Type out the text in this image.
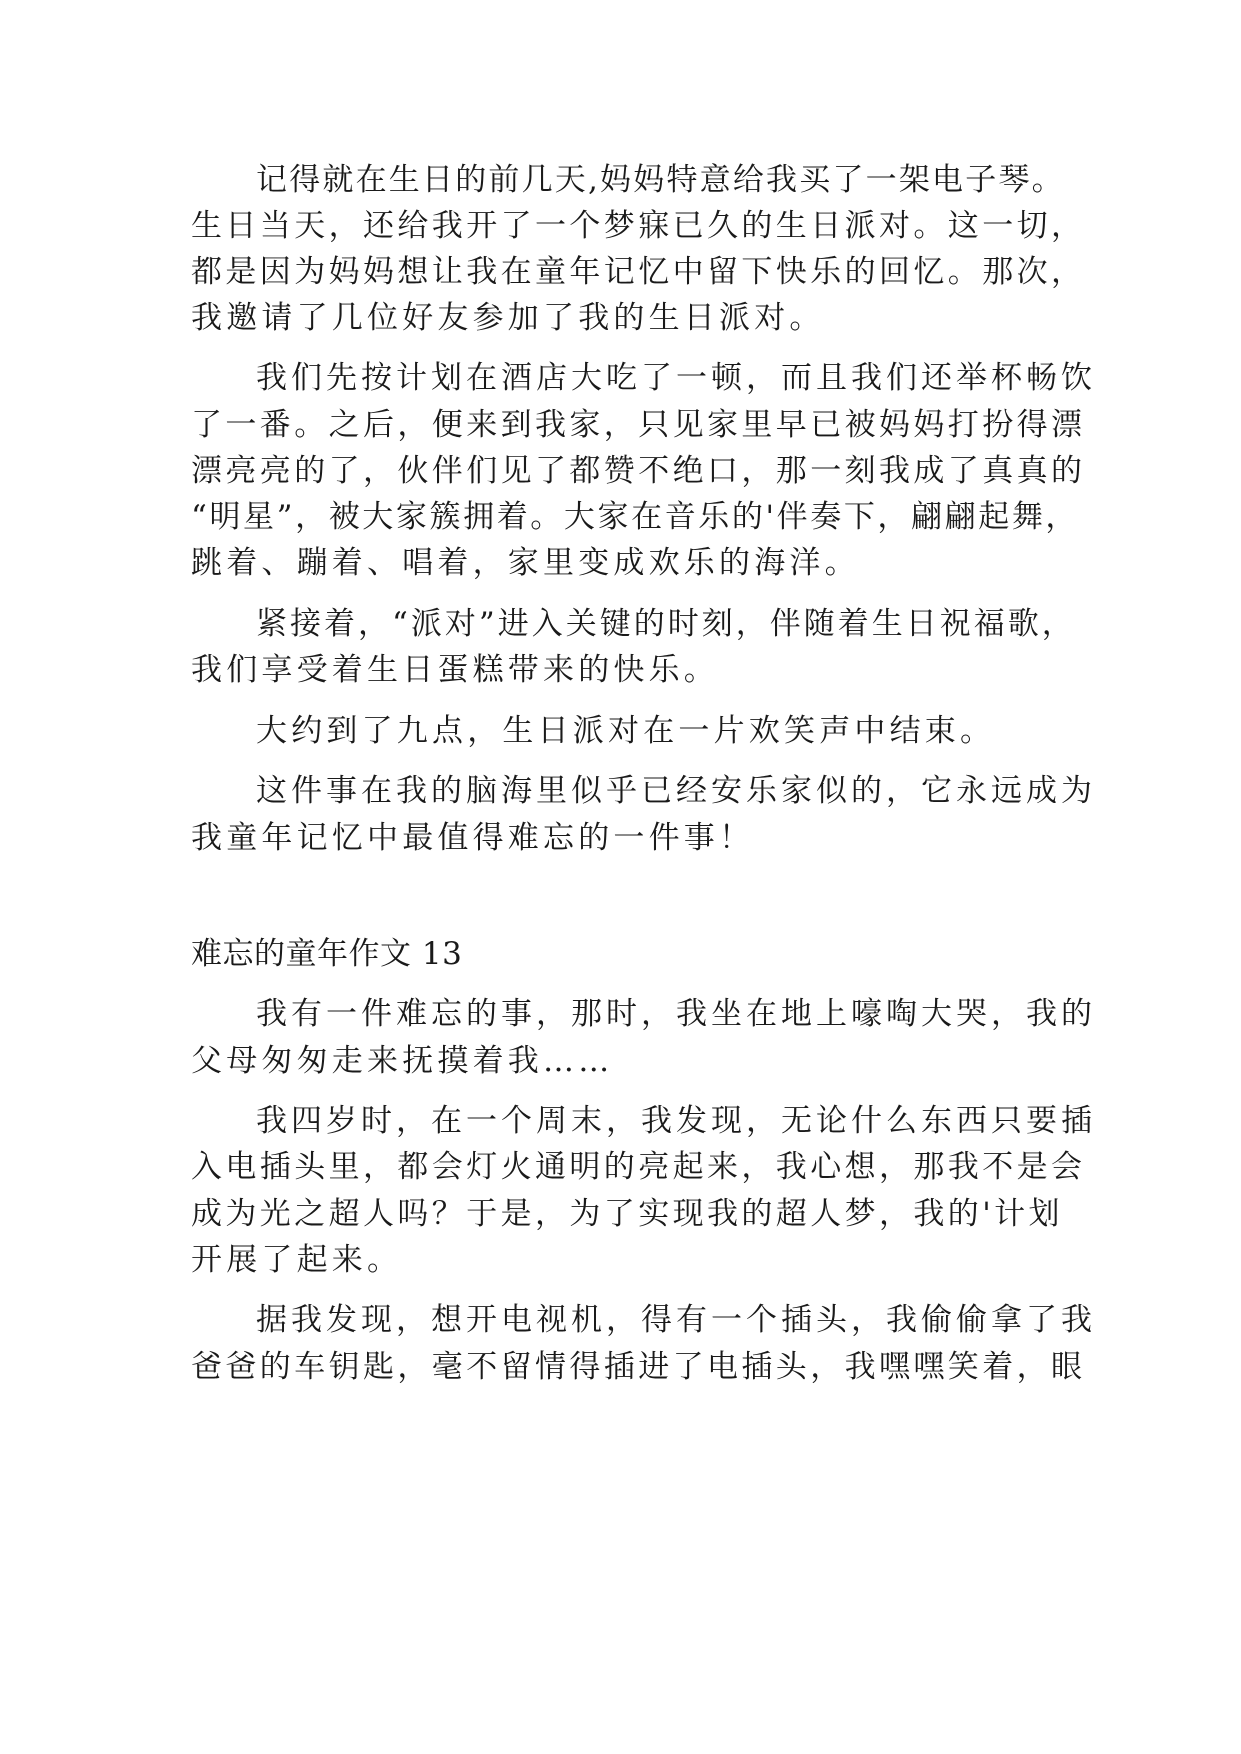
记得就在生日的前几天,妈妈特意给我买了一架电子琴。
生日当天，还给我开了一个梦寐已久的生日派对。这一切，
都是因为妈妈想让我在童年记忆中留下快乐的回忆。那次，
我邀请了几位好友参加了我的生日派对。
我们先按计划在酒店大吃了一顿，而且我们还举杯畅饮
了一番。之后，便来到我家，只见家里早已被妈妈打扮得漂
漂亮亮的了，伙伴们见了都赞不绝口，那一刻我成了真真的
“明星”，被大家簇拥着。大家在音乐的'伴奏下，翩翩起舞，
跳着、蹦着、唱着，家里变成欢乐的海洋。
紧接着，“派对”进入关键的时刻，伴随着生日祝福歌，
我们享受着生日蛋糕带来的快乐。
大约到了九点，生日派对在一片欢笑声中结束。
这件事在我的脑海里似乎已经安乐家似的，它永远成为
我童年记忆中最值得难忘的一件事！
难忘的童年作文 13
我有一件难忘的事，那时，我坐在地上嚎啕大哭，我的
父母匆匆走来抚摸着我……
我四岁时，在一个周末，我发现，无论什么东西只要插
入电插头里，都会灯火通明的亮起来，我心想，那我不是会
成为光之超人吗？于是，为了实现我的超人梦，我的'计划
开展了起来。
据我发现，想开电视机，得有一个插头，我偷偷拿了我
爸爸的车钥匙，毫不留情得插进了电插头，我嘿嘿笑着，眼
